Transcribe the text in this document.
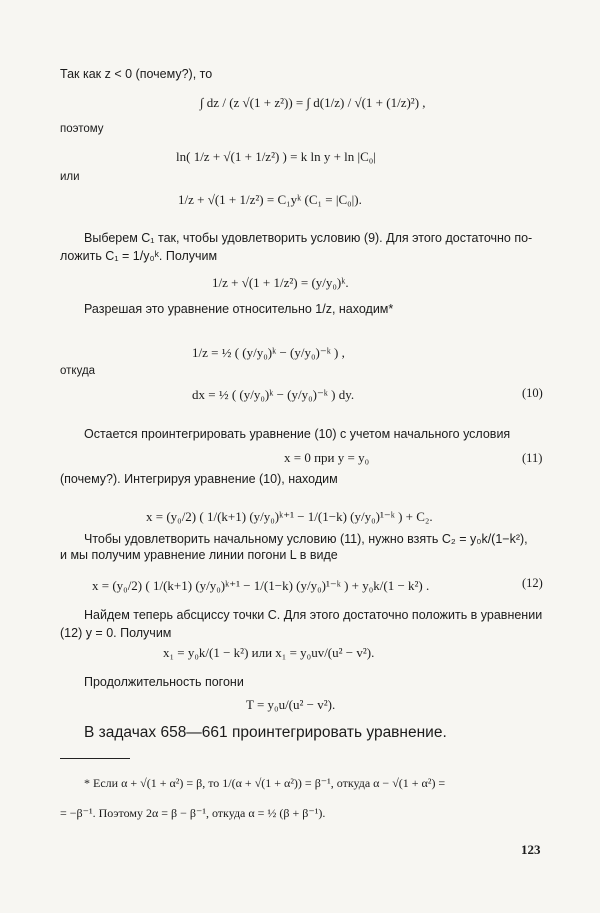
Так как z < 0 (почему?), то
∫ dz / (z √(1 + z²)) = ∫ d(1/z) / √(1 + (1/z)²) ,
поэтому
ln( 1/z + √(1 + 1/z²) ) = k ln y + ln |C₀|
или
1/z + √(1 + 1/z²) = C₁yᵏ (C₁ = |C₀|).
Выберем C₁ так, чтобы удовлетворить условию (9). Для этого достаточно по-
ложить C₁ = 1/y₀ᵏ. Получим
1/z + √(1 + 1/z²) = (y/y₀)ᵏ.
Разрешая это уравнение относительно 1/z, находим*
1/z = ½ ( (y/y₀)ᵏ − (y/y₀)⁻ᵏ ) ,
откуда
dx = ½ ( (y/y₀)ᵏ − (y/y₀)⁻ᵏ ) dy.	(10)
Остается проинтегрировать уравнение (10) с учетом начального условия
x = 0 при y = y₀	(11)
(почему?). Интегрируя уравнение (10), находим
x = (y₀/2) ( 1/(k+1) (y/y₀)ᵏ⁺¹ − 1/(1−k) (y/y₀)¹⁻ᵏ ) + C₂.
Чтобы удовлетворить начальному условию (11), нужно взять C₂ = y₀k/(1−k²),
и мы получим уравнение линии погони L в виде
x = (y₀/2) ( 1/(k+1) (y/y₀)ᵏ⁺¹ − 1/(1−k) (y/y₀)¹⁻ᵏ ) + y₀k/(1 − k²) .	(12)
Найдем теперь абсциссу точки C. Для этого достаточно положить в уравнении
(12) y = 0. Получим
x₁ = y₀k/(1 − k²) или x₁ = y₀uv/(u² − v²).
Продолжительность погони
T = y₀u/(u² − v²).
В задачах 658—661 проинтегрировать уравнение.
* Если α + √(1 + α²) = β, то 1/(α + √(1 + α²)) = β⁻¹, откуда α − √(1 + α²) =
= −β⁻¹. Поэтому 2α = β − β⁻¹, откуда α = ½ (β + β⁻¹).
123
